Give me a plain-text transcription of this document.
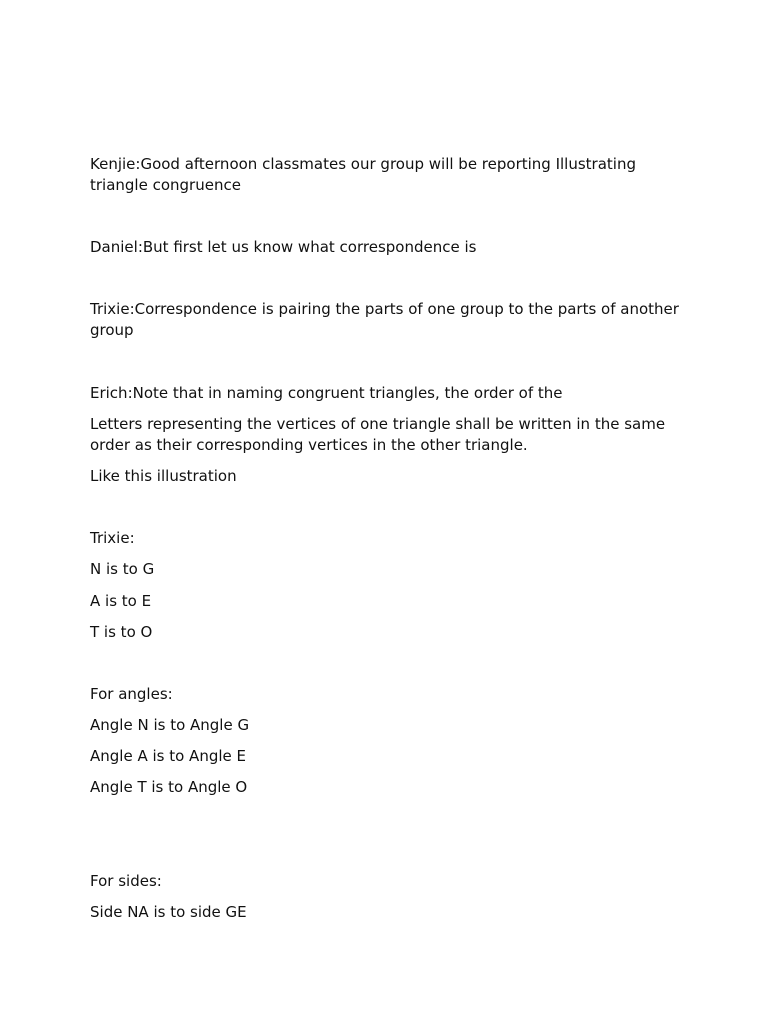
Kenjie:Good afternoon classmates our group will be reporting Illustrating triangle congruence

Daniel:But first let us know what correspondence is

Trixie:Correspondence is pairing the parts of one group to the parts of another group

Erich:Note that in naming congruent triangles, the order of the

Letters representing the vertices of one triangle shall be written in the same order as their corresponding vertices in the other triangle.

Like this illustration

Trixie:

N is to G

A is to E

T is to O

For angles:

Angle N is to Angle G

Angle A is to Angle E

Angle T is to Angle O

For sides:

Side NA is to side GE
